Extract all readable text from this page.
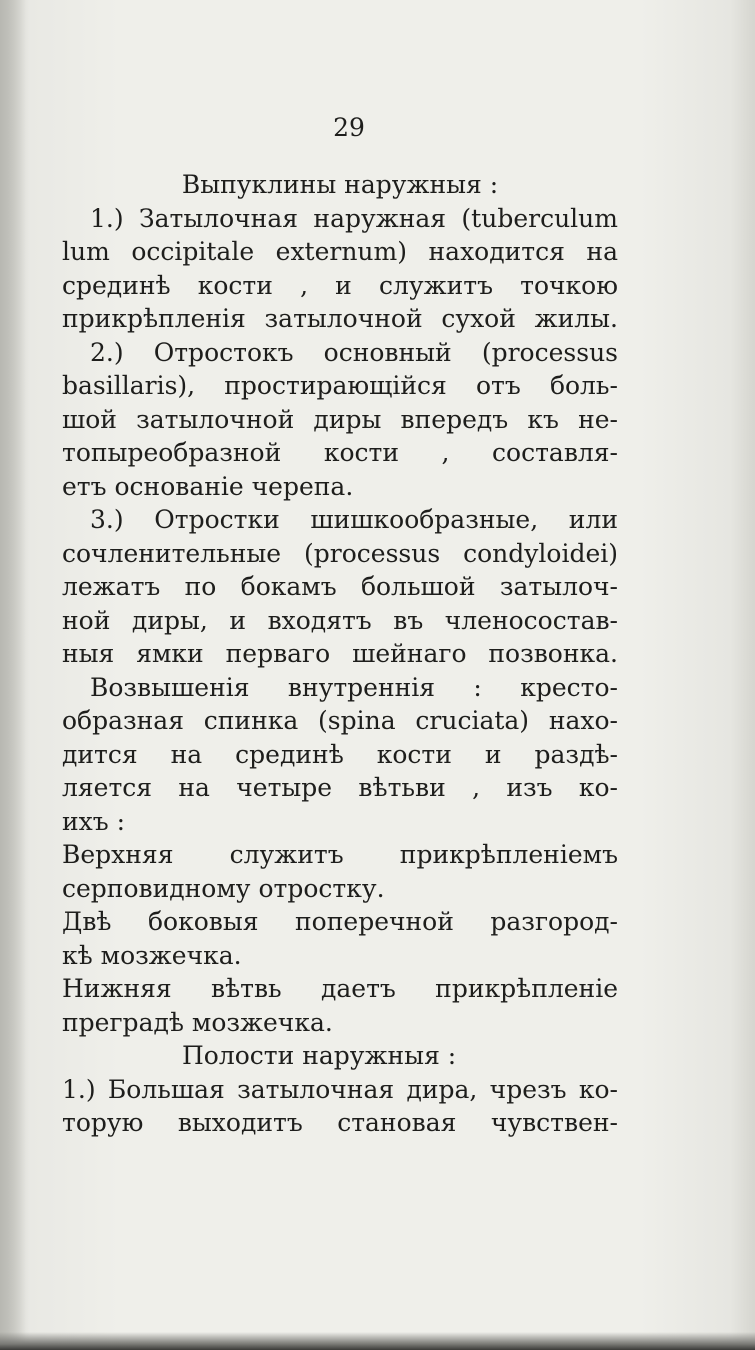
29
Выпуклины наружныя :
1.) Затылочная наружная (tuberculum
lum occipitale externum) находится на
срединѣ кости , и служитъ точкою
прикрѣпленія затылочной сухой жилы.
2.) Отростокъ основный (processus
basillaris), простирающійся отъ боль-
шой затылочной диры впередъ къ не-
топыреобразной кости , составля-
етъ основаніе черепа.
3.) Отростки шишкообразные, или
сочленительные (processus condyloidei)
лежатъ по бокамъ большой затылоч-
ной диры, и входятъ въ членосостав-
ныя ямки перваго шейнаго позвонка.
Возвышенія внутреннія : кресто-
образная спинка (spina cruciata) нахо-
дится на срединѣ кости и раздѣ-
ляется на четыре вѣтьви , изъ ко-
ихъ :
Верхняя служитъ прикрѣпленіемъ
серповидному отростку.
Двѣ боковыя поперечной разгород-
кѣ мозжечка.
Нижняя вѣтвь даетъ прикрѣпленіе
преградѣ мозжечка.
Полости наружныя :
1.) Большая затылочная дира, чрезъ ко-
торую выходитъ становая чувствен-
